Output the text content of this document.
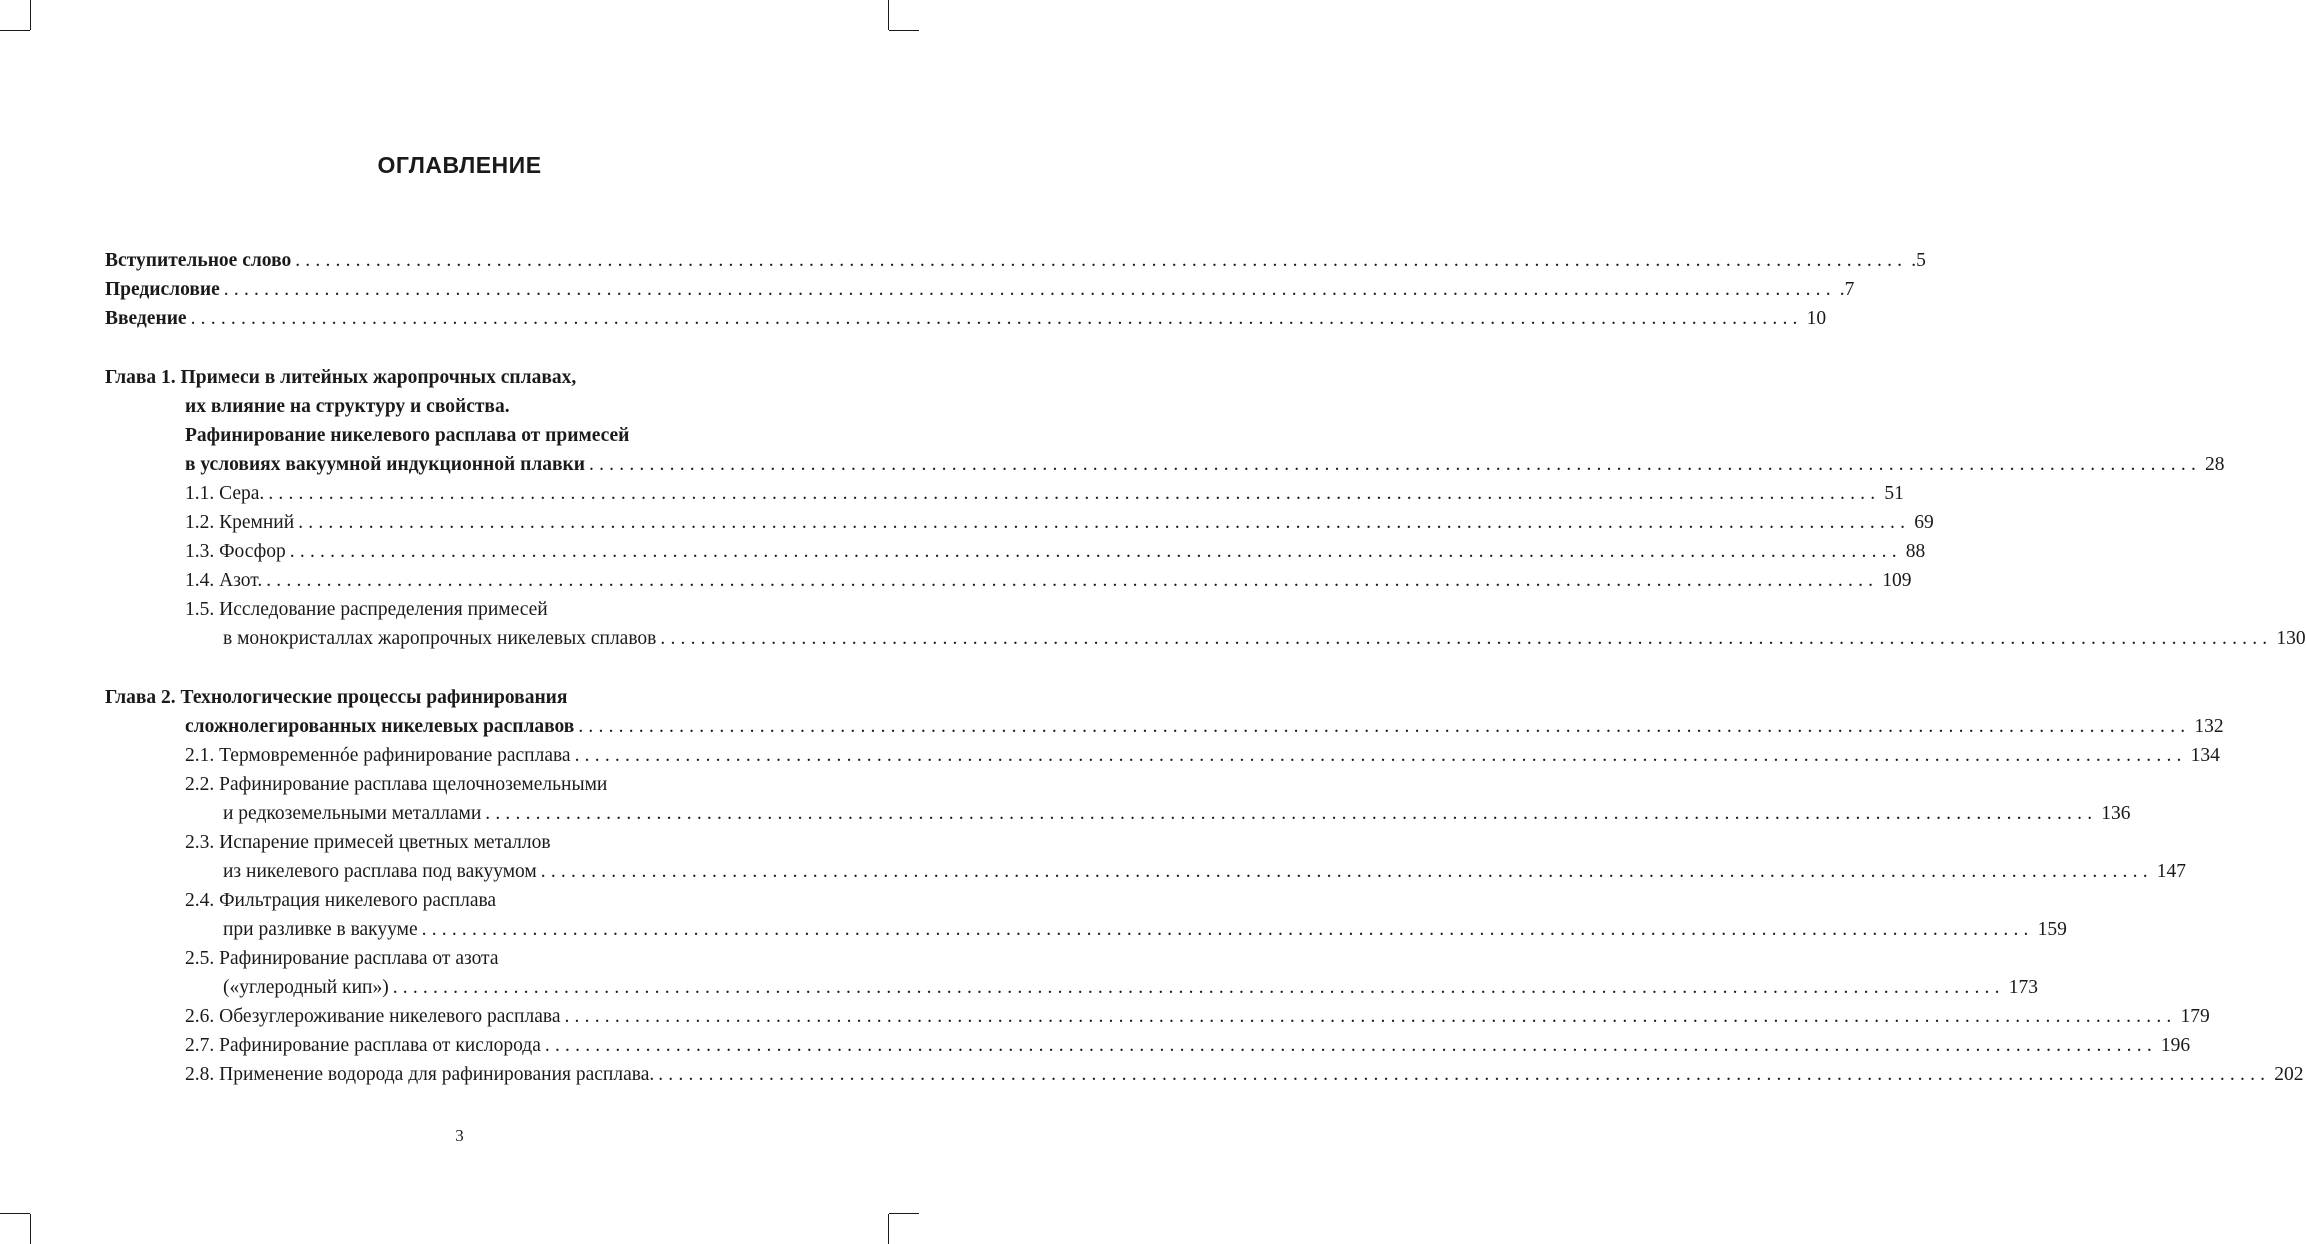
ОГЛАВЛЕНИЕ
Вступительное слово ................................................................................................................................................................ .5
Предисловие ................................................................................................................................................................ .7
Введение ................................................................................................................................................................ 10
Глава 1. Примеси в литейных жаропрочных сплавах,
их влияние на структуру и свойства.
Рафинирование никелевого расплава от примесей
в условиях вакуумной индукционной плавки ................................................................................................................................................................ 28
1.1. Сера. ................................................................................................................................................................ 51
1.2. Кремний ................................................................................................................................................................ 69
1.3. Фосфор ................................................................................................................................................................ 88
1.4. Азот. ................................................................................................................................................................ 109
1.5. Исследование распределения примесей
в монокристаллах жаропрочных никелевых сплавов ................................................................................................................................................................ 130
Глава 2. Технологические процессы рафинирования
сложнолегированных никелевых расплавов ................................................................................................................................................................ 132
2.1. Термовременнóе рафинирование расплава ................................................................................................................................................................ 134
2.2. Рафинирование расплава щелочноземельными
и редкоземельными металлами ................................................................................................................................................................ 136
2.3. Испарение примесей цветных металлов
из никелевого расплава под вакуумом ................................................................................................................................................................ 147
2.4. Фильтрация никелевого расплава
при разливке в вакууме ................................................................................................................................................................ 159
2.5. Рафинирование расплава от азота
(«углеродный кип») ................................................................................................................................................................ 173
2.6. Обезуглероживание никелевого расплава ................................................................................................................................................................ 179
2.7. Рафинирование расплава от кислорода ................................................................................................................................................................ 196
2.8. Применение водорода для рафинирования расплава. ................................................................................................................................................................ 202
3
